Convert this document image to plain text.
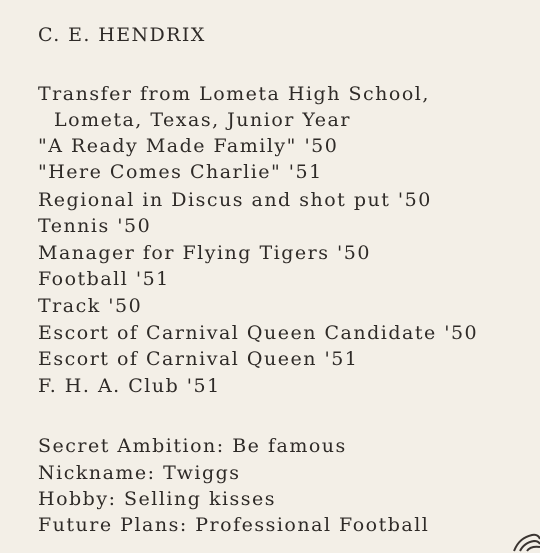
C. E. HENDRIX

Transfer from Lometa High School,

Lometa, Texas, Junior Year

"A Ready Made Family" '50

"Here Comes Charlie" '51

Regional in Discus and shot put '50

Tennis '50

Manager for Flying Tigers '50

Football '51

Track '50

Escort of Carnival Queen Candidate '50

Escort of Carnival Queen '51

F. H. A. Club '51

Secret Ambition: Be famous

Nickname: Twiggs

Hobby: Selling kisses

Future Plans: Professional Football
